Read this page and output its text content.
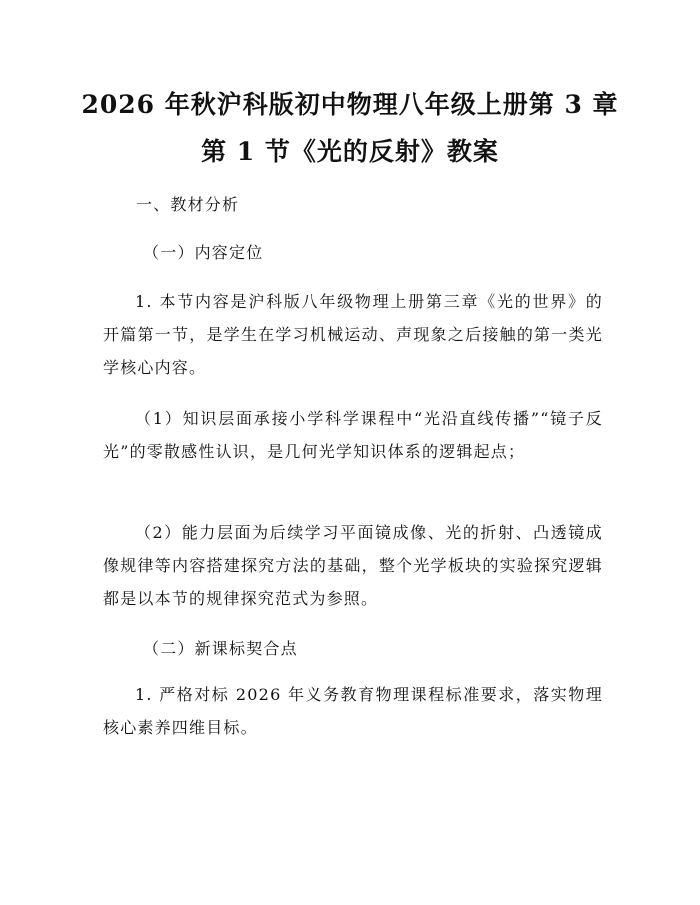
2026 年秋沪科版初中物理八年级上册第 3 章
第 1 节《光的反射》教案
一、教材分析
（一）内容定位
1. 本节内容是沪科版八年级物理上册第三章《光的世界》的开篇第一节，是学生在学习机械运动、声现象之后接触的第一类光学核心内容。
（1）知识层面承接小学科学课程中“光沿直线传播”“镜子反光”的零散感性认识，是几何光学知识体系的逻辑起点；
（2）能力层面为后续学习平面镜成像、光的折射、凸透镜成像规律等内容搭建探究方法的基础，整个光学板块的实验探究逻辑都是以本节的规律探究范式为参照。
（二）新课标契合点
1. 严格对标 2026 年义务教育物理课程标准要求，落实物理核心素养四维目标。
